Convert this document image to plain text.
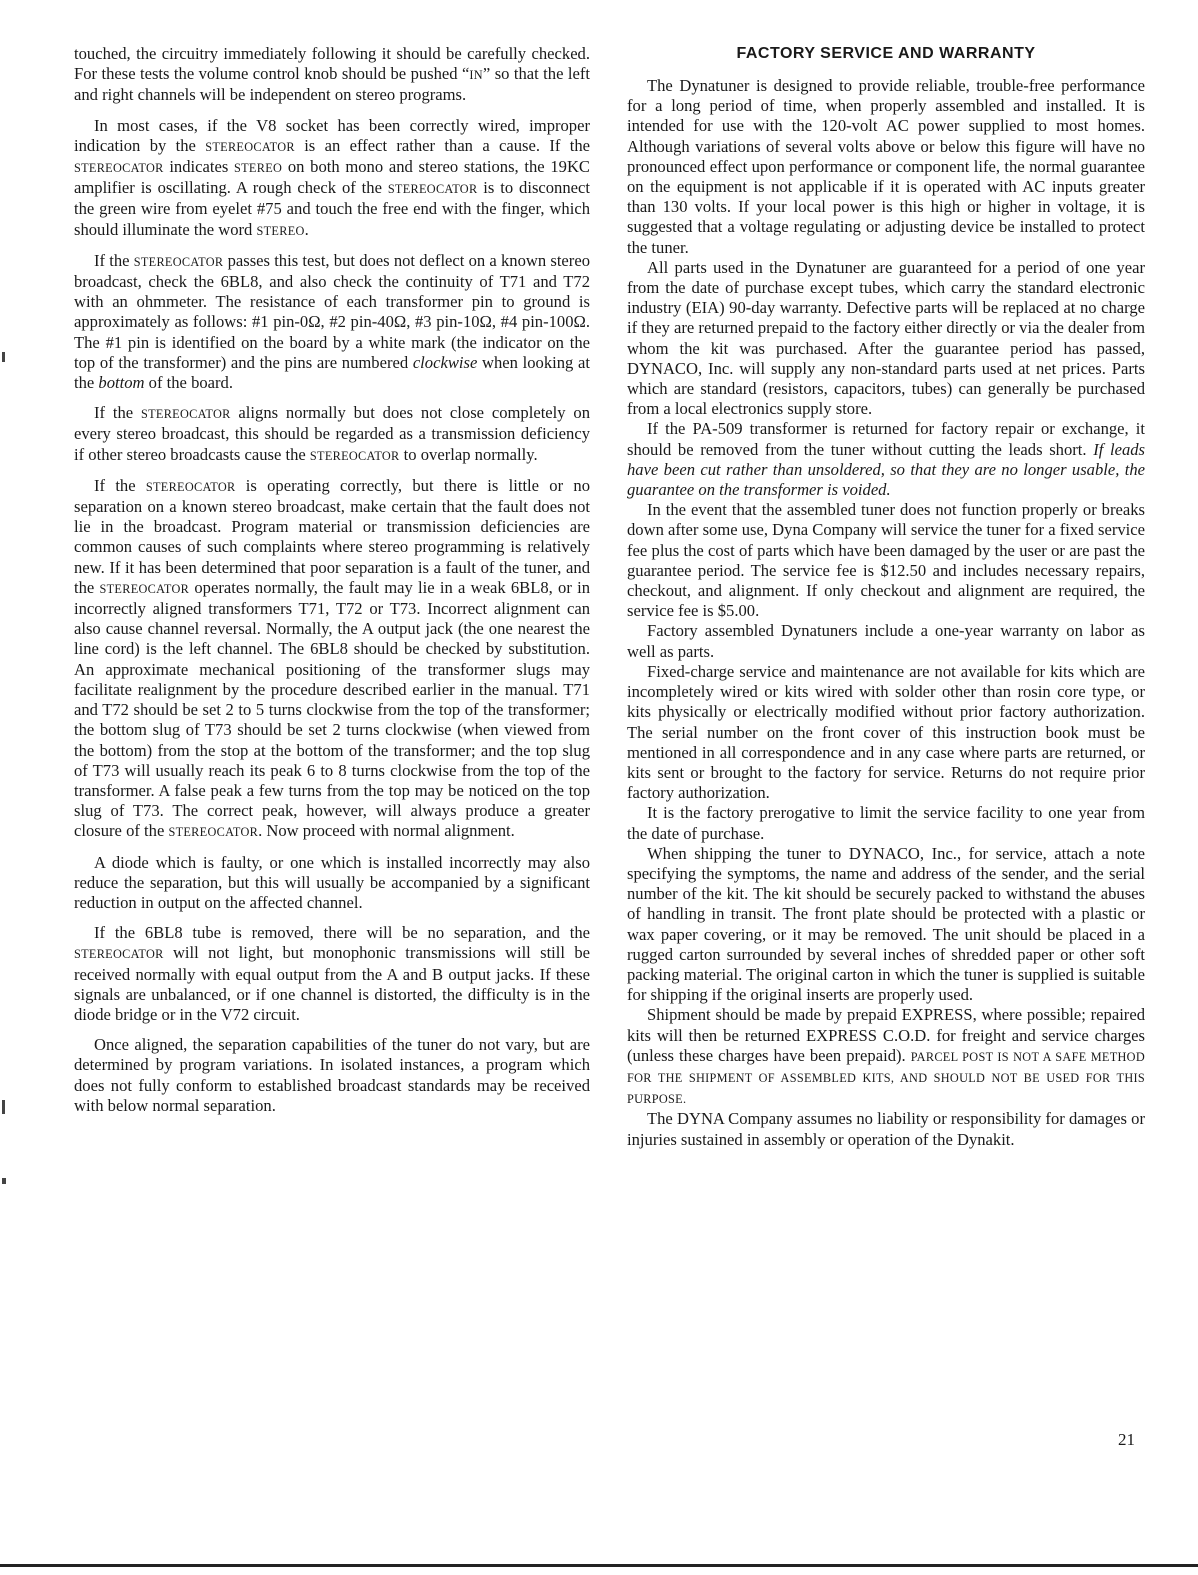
touched, the circuitry immediately following it should be carefully checked. For these tests the volume control knob should be pushed “IN” so that the left and right channels will be independent on stereo programs.

In most cases, if the V8 socket has been correctly wired, improper indication by the STEREOCATOR is an effect rather than a cause. If the STEREOCATOR indicates STEREO on both mono and stereo stations, the 19KC amplifier is oscillating. A rough check of the STEREOCATOR is to disconnect the green wire from eyelet #75 and touch the free end with the finger, which should illuminate the word STEREO.

If the STEREOCATOR passes this test, but does not deflect on a known stereo broadcast, check the 6BL8, and also check the continuity of T71 and T72 with an ohmmeter. The resistance of each transformer pin to ground is approximately as follows: #1 pin-0Ω, #2 pin-40Ω, #3 pin-10Ω, #4 pin-100Ω. The #1 pin is identified on the board by a white mark (the indicator on the top of the transformer) and the pins are numbered clockwise when looking at the bottom of the board.

If the STEREOCATOR aligns normally but does not close completely on every stereo broadcast, this should be regarded as a transmission deficiency if other stereo broadcasts cause the STEREOCATOR to overlap normally.

If the STEREOCATOR is operating correctly, but there is little or no separation on a known stereo broadcast, make certain that the fault does not lie in the broadcast. Program material or transmission deficiencies are common causes of such complaints where stereo programming is relatively new. If it has been determined that poor separation is a fault of the tuner, and the STEREOCATOR operates normally, the fault may lie in a weak 6BL8, or in incorrectly aligned transformers T71, T72 or T73. Incorrect alignment can also cause channel reversal. Normally, the A output jack (the one nearest the line cord) is the left channel. The 6BL8 should be checked by substitution. An approximate mechanical positioning of the transformer slugs may facilitate realignment by the procedure described earlier in the manual. T71 and T72 should be set 2 to 5 turns clockwise from the top of the transformer; the bottom slug of T73 should be set 2 turns clockwise (when viewed from the bottom) from the stop at the bottom of the transformer; and the top slug of T73 will usually reach its peak 6 to 8 turns clockwise from the top of the transformer. A false peak a few turns from the top may be noticed on the top slug of T73. The correct peak, however, will always produce a greater closure of the STEREOCATOR. Now proceed with normal alignment.

A diode which is faulty, or one which is installed incorrectly may also reduce the separation, but this will usually be accompanied by a significant reduction in output on the affected channel.

If the 6BL8 tube is removed, there will be no separation, and the STEREOCATOR will not light, but monophonic transmissions will still be received normally with equal output from the A and B output jacks. If these signals are unbalanced, or if one channel is distorted, the difficulty is in the diode bridge or in the V72 circuit.

Once aligned, the separation capabilities of the tuner do not vary, but are determined by program variations. In isolated instances, a program which does not fully conform to established broadcast standards may be received with below normal separation.

FACTORY SERVICE AND WARRANTY

The Dynatuner is designed to provide reliable, trouble-free performance for a long period of time, when properly assembled and installed. It is intended for use with the 120-volt AC power supplied to most homes. Although variations of several volts above or below this figure will have no pronounced effect upon performance or component life, the normal guarantee on the equipment is not applicable if it is operated with AC inputs greater than 130 volts. If your local power is this high or higher in voltage, it is suggested that a voltage regulating or adjusting device be installed to protect the tuner.

All parts used in the Dynatuner are guaranteed for a period of one year from the date of purchase except tubes, which carry the standard electronic industry (EIA) 90-day warranty. Defective parts will be replaced at no charge if they are returned prepaid to the factory either directly or via the dealer from whom the kit was purchased. After the guarantee period has passed, DYNACO, Inc. will supply any non-standard parts used at net prices. Parts which are standard (resistors, capacitors, tubes) can generally be purchased from a local electronics supply store.

If the PA-509 transformer is returned for factory repair or exchange, it should be removed from the tuner without cutting the leads short. If leads have been cut rather than unsoldered, so that they are no longer usable, the guarantee on the transformer is voided.

In the event that the assembled tuner does not function properly or breaks down after some use, Dyna Company will service the tuner for a fixed service fee plus the cost of parts which have been damaged by the user or are past the guarantee period. The service fee is $12.50 and includes necessary repairs, checkout, and alignment. If only checkout and alignment are required, the service fee is $5.00.

Factory assembled Dynatuners include a one-year warranty on labor as well as parts.

Fixed-charge service and maintenance are not available for kits which are incompletely wired or kits wired with solder other than rosin core type, or kits physically or electrically modified without prior factory authorization. The serial number on the front cover of this instruction book must be mentioned in all correspondence and in any case where parts are returned, or kits sent or brought to the factory for service. Returns do not require prior factory authorization.

It is the factory prerogative to limit the service facility to one year from the date of purchase.

When shipping the tuner to DYNACO, Inc., for service, attach a note specifying the symptoms, the name and address of the sender, and the serial number of the kit. The kit should be securely packed to withstand the abuses of handling in transit. The front plate should be protected with a plastic or wax paper covering, or it may be removed. The unit should be placed in a rugged carton surrounded by several inches of shredded paper or other soft packing material. The original carton in which the tuner is supplied is suitable for shipping if the original inserts are properly used.

Shipment should be made by prepaid EXPRESS, where possible; repaired kits will then be returned EXPRESS C.O.D. for freight and service charges (unless these charges have been prepaid). PARCEL POST IS NOT A SAFE METHOD FOR THE SHIPMENT OF ASSEMBLED KITS, AND SHOULD NOT BE USED FOR THIS PURPOSE.

The DYNA Company assumes no liability or responsibility for damages or injuries sustained in assembly or operation of the Dynakit.

21
